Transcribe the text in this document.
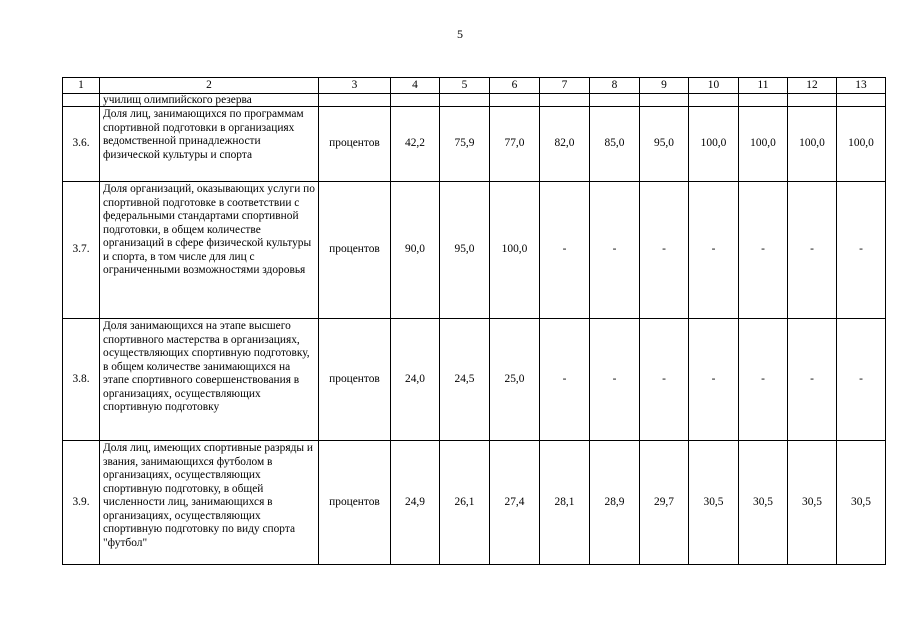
5
1	2	3	4	5	6	7	8	9	10	11	12	13
	училищ олимпийского резерва											
3.6.	Доля лиц, занимающихся по программам спортивной подготовки в организациях ведомственной принадлежности физической культуры и спорта	процентов	42,2	75,9	77,0	82,0	85,0	95,0	100,0	100,0	100,0	100,0
3.7.	Доля организаций, оказывающих услуги по спортивной подготовке в соответствии с федеральными стандартами спортивной подготовки, в общем количестве организаций в сфере физической культуры и спорта, в том числе для лиц с ограниченными возможностями здоровья	процентов	90,0	95,0	100,0	-	-	-	-	-	-	-
3.8.	Доля занимающихся на этапе высшего спортивного мастерства в организациях, осуществляющих спортивную подготовку, в общем количестве занимающихся на этапе спортивного совершенствования в организациях, осуществляющих спортивную подготовку	процентов	24,0	24,5	25,0	-	-	-	-	-	-	-
3.9.	Доля лиц, имеющих спортивные разряды и звания, занимающихся футболом в организациях, осуществляющих спортивную подготовку, в общей численности лиц, занимающихся в организациях, осуществляющих спортивную подготовку по виду спорта "футбол"	процентов	24,9	26,1	27,4	28,1	28,9	29,7	30,5	30,5	30,5	30,5
